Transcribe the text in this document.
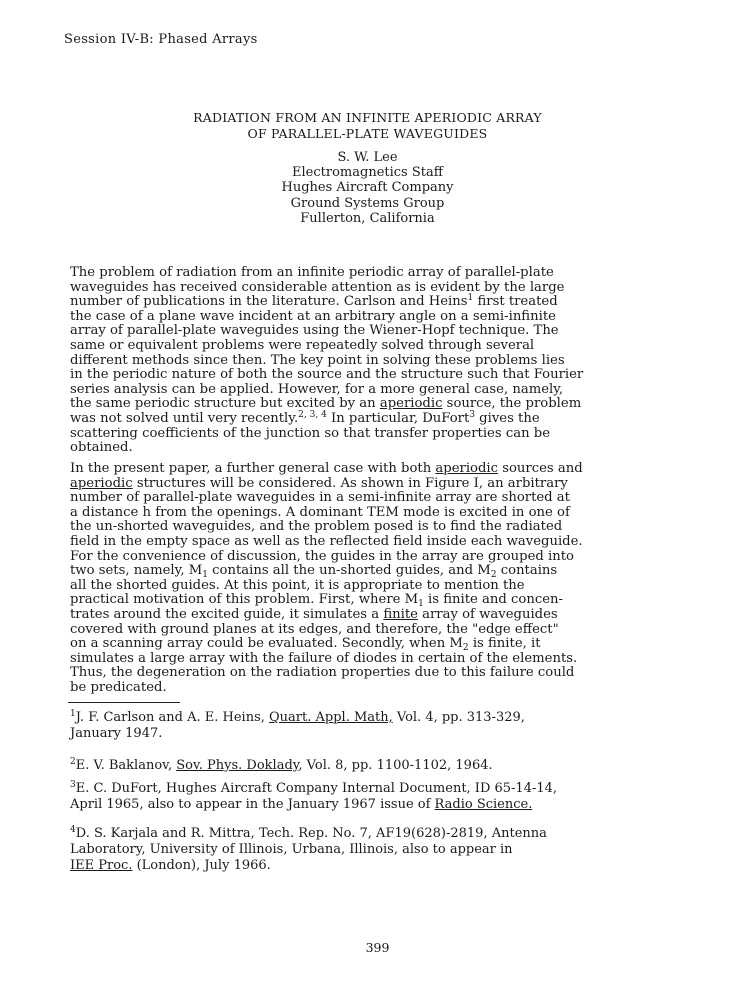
Session IV-B: Phased Arrays
RADIATION FROM AN INFINITE APERIODIC ARRAY
OF PARALLEL-PLATE WAVEGUIDES
S. W. Lee
Electromagnetics Staff
Hughes Aircraft Company
Ground Systems Group
Fullerton, California
The problem of radiation from an infinite periodic array of parallel-plate
waveguides has received considerable attention as is evident by the large
number of publications in the literature. Carlson and Heins$^1$ first treated
the case of a plane wave incident at an arbitrary angle on a semi-infinite
array of parallel-plate waveguides using the Wiener-Hopf technique. The
same or equivalent problems were repeatedly solved through several
different methods since then. The key point in solving these problems lies
in the periodic nature of both the source and the structure such that Fourier
series analysis can be applied. However, for a more general case, namely,
the same periodic structure but excited by an aperiodic source, the problem
was not solved until very recently.$^{2, 3, 4}$ In particular, DuFort$^3$ gives the
scattering coefficients of the junction so that transfer properties can be
obtained.
In the present paper, a further general case with both aperiodic sources and
aperiodic structures will be considered. As shown in Figure I, an arbitrary
number of parallel-plate waveguides in a semi-infinite array are shorted at
a distance h from the openings. A dominant TEM mode is excited in one of
the un-shorted waveguides, and the problem posed is to find the radiated
field in the empty space as well as the reflected field inside each waveguide.
For the convenience of discussion, the guides in the array are grouped into
two sets, namely, $M_1$ contains all the un-shorted guides, and $M_2$ contains
all the shorted guides. At this point, it is appropriate to mention the
practical motivation of this problem. First, where $M_1$ is finite and concen-
trates around the excited guide, it simulates a finite array of waveguides
covered with ground planes at its edges, and therefore, the "edge effect"
on a scanning array could be evaluated. Secondly, when $M_2$ is finite, it
simulates a large array with the failure of diodes in certain of the elements.
Thus, the degeneration on the radiation properties due to this failure could
be predicated.
$^1$J. F. Carlson and A. E. Heins, Quart. Appl. Math, Vol. 4, pp. 313-329,
January 1947.
$^2$E. V. Baklanov, Sov. Phys. Doklady, Vol. 8, pp. 1100-1102, 1964.
$^3$E. C. DuFort, Hughes Aircraft Company Internal Document, ID 65-14-14,
April 1965, also to appear in the January 1967 issue of Radio Science.
$^4$D. S. Karjala and R. Mittra, Tech. Rep. No. 7, AF19(628)-2819, Antenna
Laboratory, University of Illinois, Urbana, Illinois, also to appear in
IEE Proc. (London), July 1966.
399
